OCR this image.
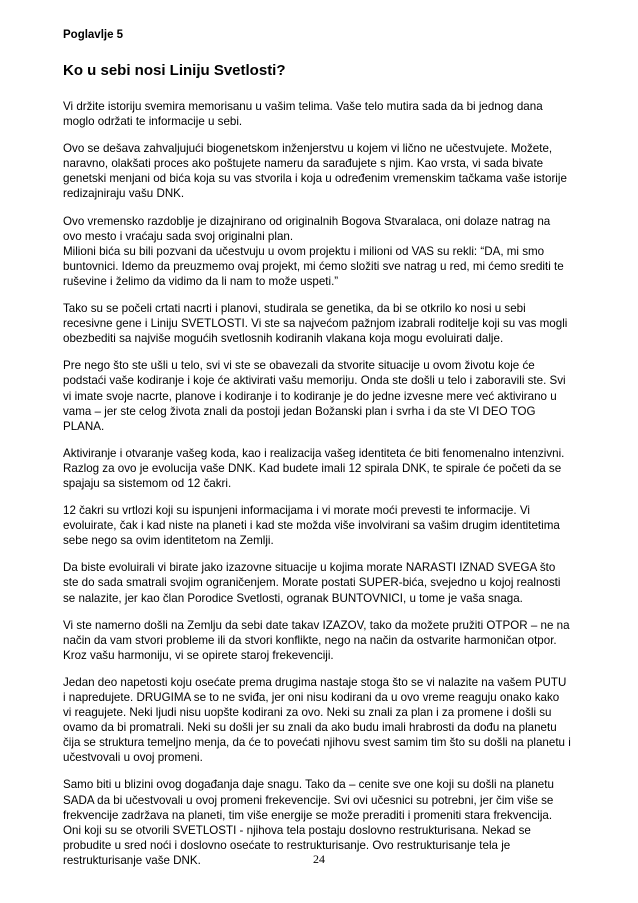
Poglavlje 5
Ko u sebi nosi Liniju Svetlosti?

Vi držite istoriju svemira memorisanu u vašim telima. Vaše telo mutira sada da bi jednog dana
moglo održati te informacije u sebi.

Ovo se dešava zahvaljujući biogenetskom inženjerstvu u kojem vi lično ne učestvujete. Možete,
naravno, olakšati proces ako poštujete nameru da sarađujete s njim. Kao vrsta, vi sada bivate
genetski menjani od bića koja su vas stvorila i koja u određenim vremenskim tačkama vaše istorije
redizajniraju vašu DNK.

Ovo vremensko razdoblje je dizajnirano od originalnih Bogova Stvaralaca, oni dolaze natrag na
ovo mesto i vraćaju sada svoj originalni plan.
Milioni bića su bili pozvani da učestvuju u ovom projektu i milioni od VAS su rekli: “DA, mi smo
buntovnici. Idemo da preuzmemo ovaj projekt, mi ćemo složiti sve natrag u red, mi ćemo srediti te
ruševine i želimo da vidimo da li nam to može uspeti.”

Tako su se počeli crtati nacrti i planovi, studirala se genetika, da bi se otkrilo ko nosi u sebi
recesivne gene i Liniju SVETLOSTI. Vi ste sa najvećom pažnjom izabrali roditelje koji su vas mogli
obezbediti sa najviše mogućih svetlosnih kodiranih vlakana koja mogu evoluirati dalje.

Pre nego što ste ušli u telo, svi vi ste se obavezali da stvorite situacije u ovom životu koje će
podstaći vaše kodiranje i koje će aktivirati vašu memoriju. Onda ste došli u telo i zaboravili ste. Svi
vi imate svoje nacrte, planove i kodiranje i to kodiranje je do jedne izvesne mere već aktivirano u
vama – jer ste celog života znali da postoji jedan Božanski plan i svrha i da ste VI DEO TOG
PLANA.

Aktiviranje i otvaranje vašeg koda, kao i realizacija vašeg identiteta će biti fenomenalno intenzivni.
Razlog za ovo je evolucija vaše DNK. Kad budete imali 12 spirala DNK, te spirale će početi da se
spajaju sa sistemom od 12 čakri.

12 čakri su vrtlozi koji su ispunjeni informacijama i vi morate moći prevesti te informacije. Vi
evoluirate, čak i kad niste na planeti i kad ste možda više involvirani sa vašim drugim identitetima
sebe nego sa ovim identitetom na Zemlji.

Da biste evoluirali vi birate jako izazovne situacije u kojima morate NARASTI IZNAD SVEGA što
ste do sada smatrali svojim ograničenjem. Morate postati SUPER-bića, svejedno u kojoj realnosti
se nalazite, jer kao član Porodice Svetlosti, ogranak BUNTOVNICI, u tome je vaša snaga.

Vi ste namerno došli na Zemlju da sebi date takav IZAZOV, tako da možete pružiti OTPOR – ne na
način da vam stvori probleme ili da stvori konflikte, nego na način da ostvarite harmoničan otpor.
Kroz vašu harmoniju, vi se opirete staroj frekevenciji.

Jedan deo napetosti koju osećate prema drugima nastaje stoga što se vi nalazite na vašem PUTU
i napredujete. DRUGIMA se to ne sviđa, jer oni nisu kodirani da u ovo vreme reaguju onako kako
vi reagujete. Neki ljudi nisu uopšte kodirani za ovo. Neki su znali za plan i za promene i došli su
ovamo da bi promatrali. Neki su došli jer su znali da ako budu imali hrabrosti da dođu na planetu
čija se struktura temeljno menja, da će to povećati njihovu svest samim tim što su došli na planetu i
učestvovali u ovoj promeni.

Samo biti u blizini ovog događanja daje snagu. Tako da – cenite sve one koji su došli na planetu
SADA da bi učestvovali u ovoj promeni frekevencije. Svi ovi učesnici su potrebni, jer čim više se
frekvencije zadržava na planeti, tim više energije se može preraditi i promeniti stara frekvencija.
Oni koji su se otvorili SVETLOSTI - njihova tela postaju doslovno restrukturisana. Nekad se
probudite u sred noći i doslovno osećate to restrukturisanje. Ovo restrukturisanje tela je
restrukturisanje vaše DNK.	24
